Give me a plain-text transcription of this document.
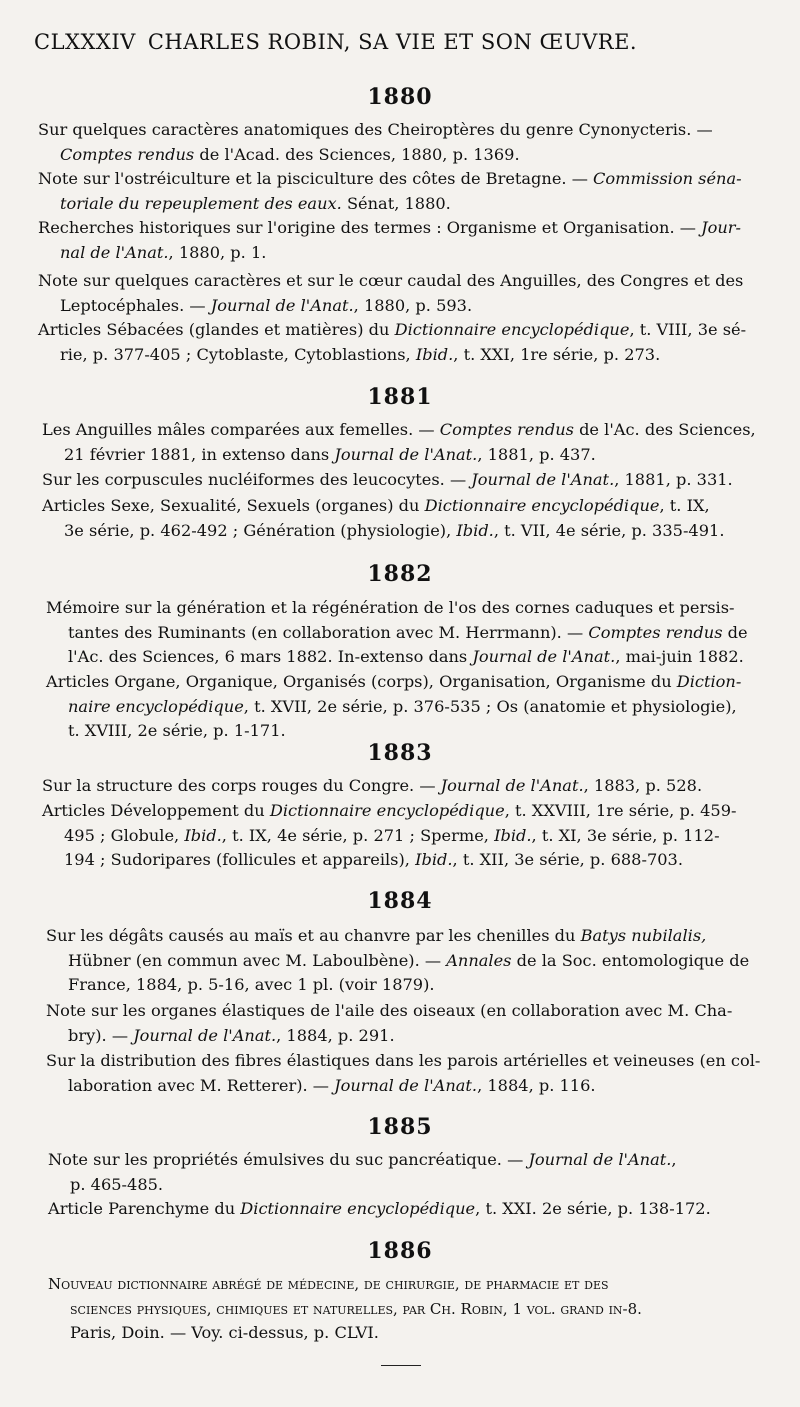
CLXXXIV CHARLES ROBIN, SA VIE ET SON ŒUVRE.
1880
Sur quelques caractères anatomiques des Cheiroptères du genre Cynonycteris. —
Comptes rendus de l'Acad. des Sciences, 1880, p. 1369.
Note sur l'ostréiculture et la pisciculture des côtes de Bretagne. — Commission séna-
toriale du repeuplement des eaux. Sénat, 1880.
Recherches historiques sur l'origine des termes : Organisme et Organisation. — Jour-
nal de l'Anat., 1880, p. 1.
Note sur quelques caractères et sur le cœur caudal des Anguilles, des Congres et des
Leptocéphales. — Journal de l'Anat., 1880, p. 593.
Articles Sébacées (glandes et matières) du Dictionnaire encyclopédique, t. VIII, 3e sé-
rie, p. 377-405 ; Cytoblaste, Cytoblastions, Ibid., t. XXI, 1re série, p. 273.
1881
Les Anguilles mâles comparées aux femelles. — Comptes rendus de l'Ac. des Sciences,
21 février 1881, in extenso dans Journal de l'Anat., 1881, p. 437.
Sur les corpuscules nucléiformes des leucocytes. — Journal de l'Anat., 1881, p. 331.
Articles Sexe, Sexualité, Sexuels (organes) du Dictionnaire encyclopédique, t. IX,
3e série, p. 462-492 ; Génération (physiologie), Ibid., t. VII, 4e série, p. 335-491.
1882
Mémoire sur la génération et la régénération de l'os des cornes caduques et persis-
tantes des Ruminants (en collaboration avec M. Herrmann). — Comptes rendus de
l'Ac. des Sciences, 6 mars 1882. In-extenso dans Journal de l'Anat., mai-juin 1882.
Articles Organe, Organique, Organisés (corps), Organisation, Organisme du Diction-
naire encyclopédique, t. XVII, 2e série, p. 376-535 ; Os (anatomie et physiologie),
t. XVIII, 2e série, p. 1-171.
1883
Sur la structure des corps rouges du Congre. — Journal de l'Anat., 1883, p. 528.
Articles Développement du Dictionnaire encyclopédique, t. XXVIII, 1re série, p. 459-
495 ; Globule, Ibid., t. IX, 4e série, p. 271 ; Sperme, Ibid., t. XI, 3e série, p. 112-
194 ; Sudoripares (follicules et appareils), Ibid., t. XII, 3e série, p. 688-703.
1884
Sur les dégâts causés au maïs et au chanvre par les chenilles du Batys nubilalis,
Hübner (en commun avec M. Laboulbène). — Annales de la Soc. entomologique de
France, 1884, p. 5-16, avec 1 pl. (voir 1879).
Note sur les organes élastiques de l'aile des oiseaux (en collaboration avec M. Cha-
bry). — Journal de l'Anat., 1884, p. 291.
Sur la distribution des fibres élastiques dans les parois artérielles et veineuses (en col-
laboration avec M. Retterer). — Journal de l'Anat., 1884, p. 116.
1885
Note sur les propriétés émulsives du suc pancréatique. — Journal de l'Anat.,
p. 465-485.
Article Parenchyme du Dictionnaire encyclopédique, t. XXI. 2e série, p. 138-172.
1886
Nouveau dictionnaire abrégé de médecine, de chirurgie, de pharmacie et des
sciences physiques, chimiques et naturelles, par Ch. Robin, 1 vol. grand in-8.
Paris, Doin. — Voy. ci-dessus, p. CLVI.
